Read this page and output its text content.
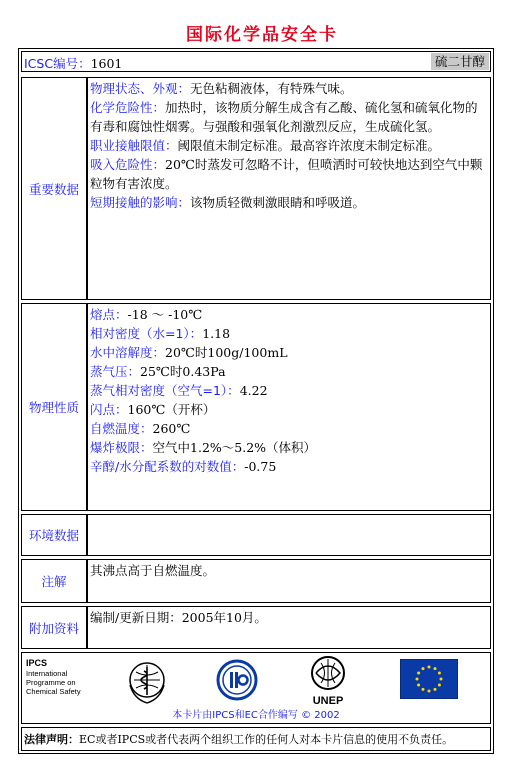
国际化学品安全卡
ICSC编号：1601	硫二甘醇
重要数据
物理状态、外观：无色粘稠液体，有特殊气味。
化学危险性：加热时，该物质分解生成含有乙酸、硫化氢和硫氧化物的有毒和腐蚀性烟雾。与强酸和强氧化剂激烈反应，生成硫化氢。
职业接触限值：阈限值未制定标准。最高容许浓度未制定标准。
吸入危险性：20℃时蒸发可忽略不计，但喷洒时可较快地达到空气中颗粒物有害浓度。
短期接触的影响：该物质轻微刺激眼睛和呼吸道。
物理性质
熔点：-18 ～ -10℃
相对密度（水=1）：1.18
水中溶解度：20℃时100g/100mL
蒸气压：25℃时0.43Pa
蒸气相对密度（空气=1）：4.22
闪点：160℃（开杯）
自燃温度：260℃
爆炸极限：空气中1.2%～5.2%（体积）
辛醇/水分配系数的对数值：-0.75
环境数据
注解
其沸点高于自燃温度。
附加资料
编制/更新日期：2005年10月。
IPCS
International
Programme on
Chemical Safety
UNEP
本卡片由IPCS和EC合作编写 © 2002
法律声明：EC或者IPCS或者代表两个组织工作的任何人对本卡片信息的使用不负责任。
